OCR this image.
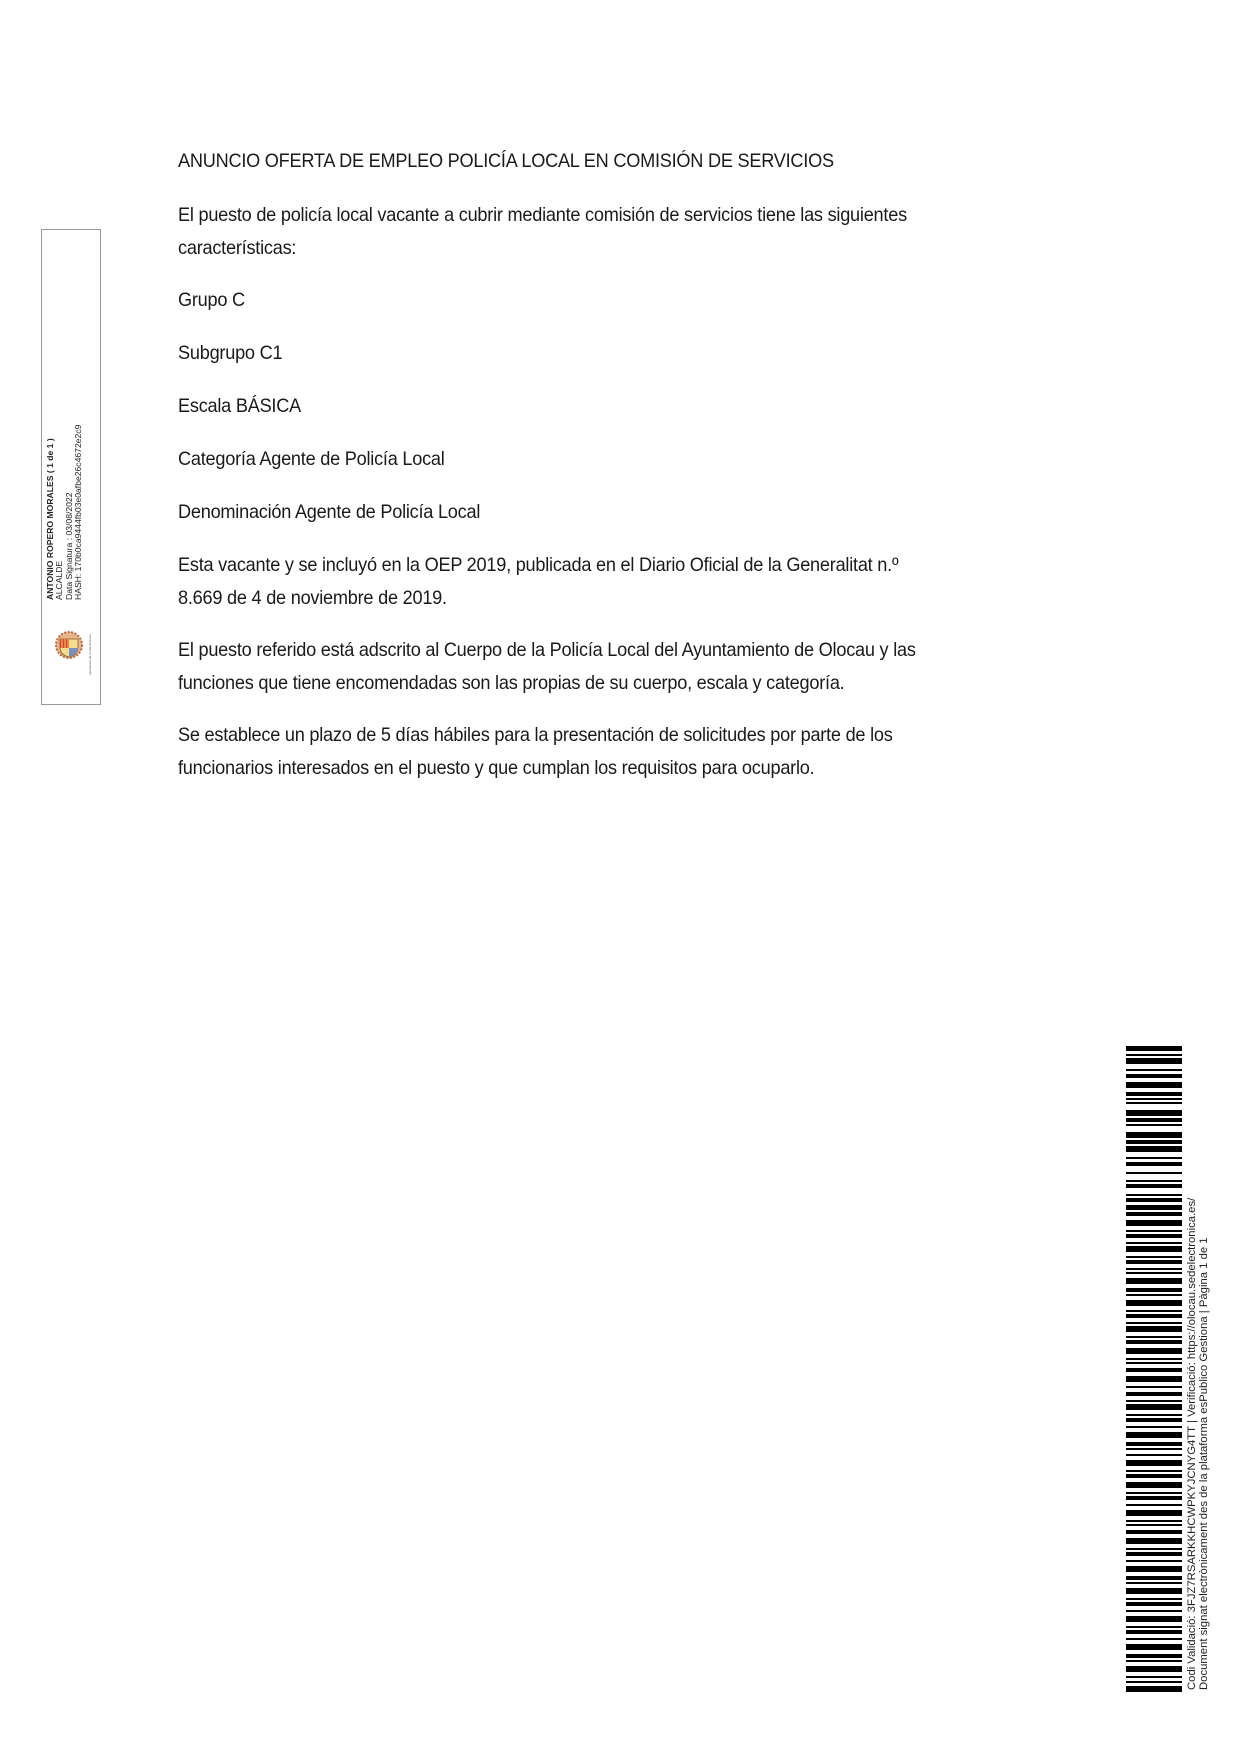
ANUNCIO OFERTA DE EMPLEO POLICÍA LOCAL EN COMISIÓN DE SERVICIOS
El puesto de policía local vacante a cubrir mediante comisión de servicios tiene las siguientes
características:
Grupo C
Subgrupo C1
Escala BÁSICA
Categoría Agente de Policía Local
Denominación Agente de Policía Local
Esta vacante y se incluyó en la OEP 2019, publicada en el Diario Oficial de la Generalitat n.º
8.669 de 4 de noviembre de 2019.
El puesto referido está adscrito al Cuerpo de la Policía Local del Ayuntamiento de Olocau y las
funciones que tiene encomendadas son las propias de su cuerpo, escala y categoría.
Se establece un plazo de 5 días hábiles para la presentación de solicitudes por parte de los
funcionarios interesados en el puesto y que cumplan los requisitos para ocuparlo.
ANTONIO ROPERO MORALES ( 1 de 1 ) ALCALDE Data Signatura : 03/08/2022 HASH: 170b0ca9444fb03e0afbe26c4672e2c9
Ajuntament de la Vila d'Olocau
Codi Validació: 3FJZ7RSARKKHCWPKYJCNYG4TT | Verificació: https://olocau.sedelectronica.es/ Document signat electrònicament des de la plataforma esPublico Gestiona | Pàgina 1 de 1
